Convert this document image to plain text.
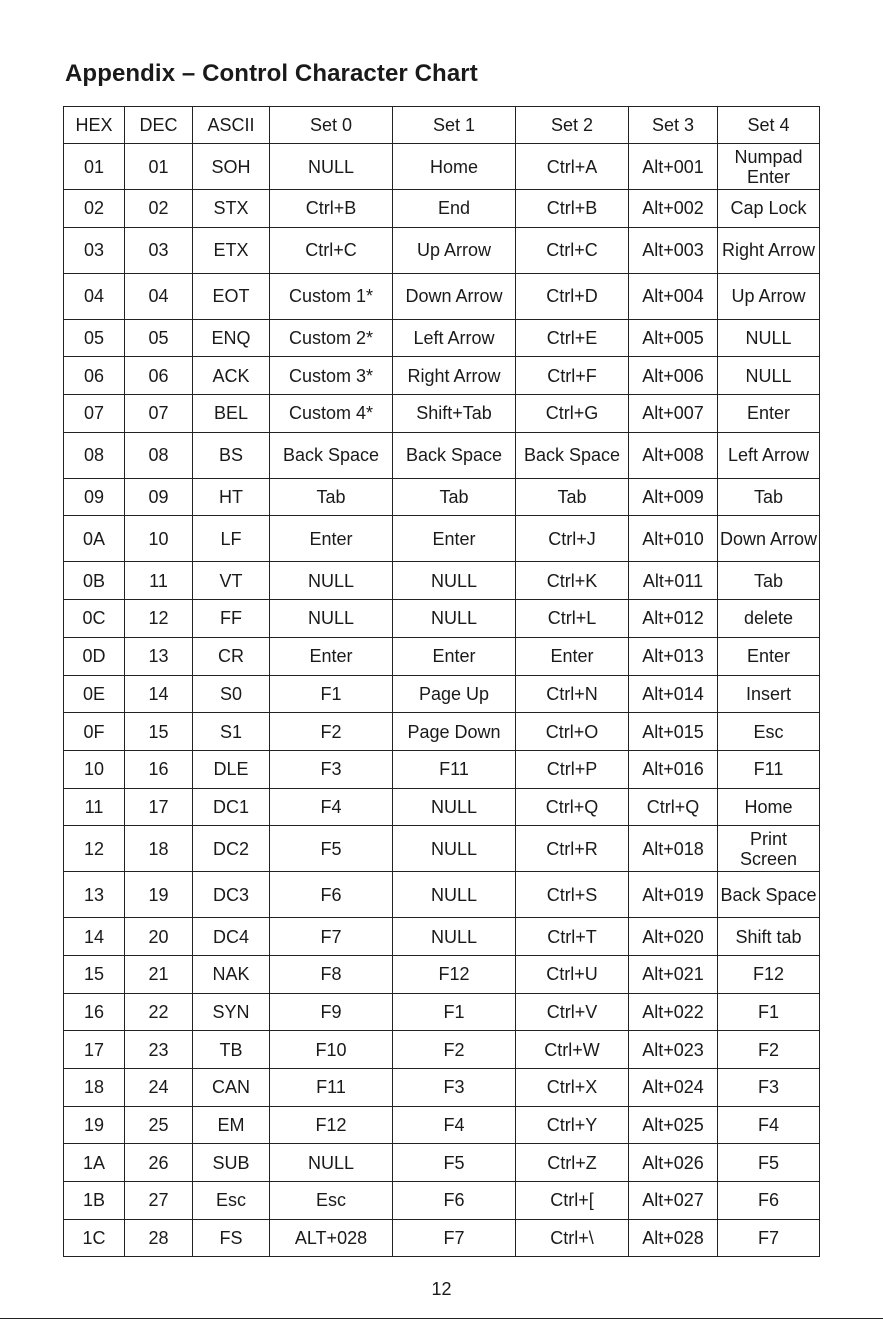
Appendix – Control Character Chart
HEX	DEC	ASCII	Set 0	Set 1	Set 2	Set 3	Set 4
01	01	SOH	NULL	Home	Ctrl+A	Alt+001	Numpad Enter
02	02	STX	Ctrl+B	End	Ctrl+B	Alt+002	Cap Lock
03	03	ETX	Ctrl+C	Up Arrow	Ctrl+C	Alt+003	Right Arrow
04	04	EOT	Custom 1*	Down Arrow	Ctrl+D	Alt+004	Up Arrow
05	05	ENQ	Custom 2*	Left Arrow	Ctrl+E	Alt+005	NULL
06	06	ACK	Custom 3*	Right Arrow	Ctrl+F	Alt+006	NULL
07	07	BEL	Custom 4*	Shift+Tab	Ctrl+G	Alt+007	Enter
08	08	BS	Back Space	Back Space	Back Space	Alt+008	Left Arrow
09	09	HT	Tab	Tab	Tab	Alt+009	Tab
0A	10	LF	Enter	Enter	Ctrl+J	Alt+010	Down Arrow
0B	11	VT	NULL	NULL	Ctrl+K	Alt+011	Tab
0C	12	FF	NULL	NULL	Ctrl+L	Alt+012	delete
0D	13	CR	Enter	Enter	Enter	Alt+013	Enter
0E	14	S0	F1	Page Up	Ctrl+N	Alt+014	Insert
0F	15	S1	F2	Page Down	Ctrl+O	Alt+015	Esc
10	16	DLE	F3	F11	Ctrl+P	Alt+016	F11
11	17	DC1	F4	NULL	Ctrl+Q	Ctrl+Q	Home
12	18	DC2	F5	NULL	Ctrl+R	Alt+018	Print Screen
13	19	DC3	F6	NULL	Ctrl+S	Alt+019	Back Space
14	20	DC4	F7	NULL	Ctrl+T	Alt+020	Shift tab
15	21	NAK	F8	F12	Ctrl+U	Alt+021	F12
16	22	SYN	F9	F1	Ctrl+V	Alt+022	F1
17	23	TB	F10	F2	Ctrl+W	Alt+023	F2
18	24	CAN	F11	F3	Ctrl+X	Alt+024	F3
19	25	EM	F12	F4	Ctrl+Y	Alt+025	F4
1A	26	SUB	NULL	F5	Ctrl+Z	Alt+026	F5
1B	27	Esc	Esc	F6	Ctrl+[	Alt+027	F6
1C	28	FS	ALT+028	F7	Ctrl+\	Alt+028	F7
12
